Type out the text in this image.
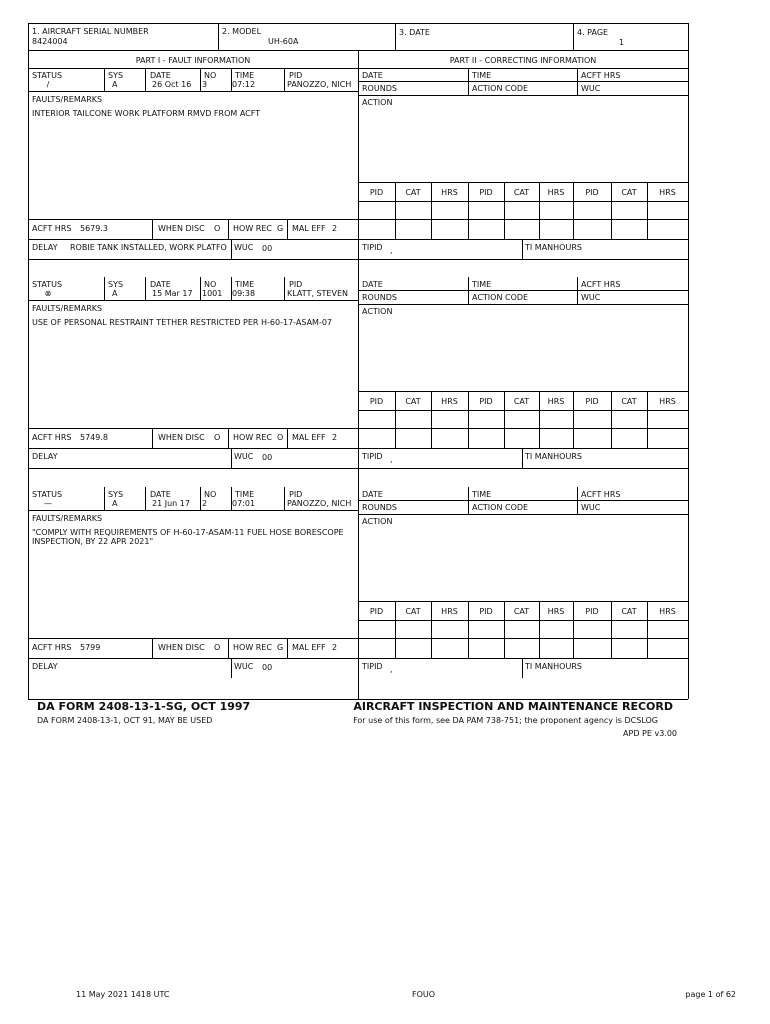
1. AIRCRAFT SERIAL NUMBER
8424004
2. MODEL
UH-60A
3. DATE	4. PAGE
1
PART I - FAULT INFORMATION	PART II - CORRECTING INFORMATION
STATUS
/
SYS
A
DATE
26 Oct 16
NO
3
TIME
07:12
PID
PANOZZO, NICH
FAULTS/REMARKS
INTERIOR TAILCONE WORK PLATFORM RMVD FROM ACFT
ACFT HRS 5679.3	WHEN DISC O HOW REC G MAL EFF 2
DELAY ROBIE TANK INSTALLED, WORK PLATFO WUC 00
DATE	TIME	ACFT HRS
ROUNDS	ACTION CODE	WUC
ACTION
PID	CAT	HRS	PID	CAT	HRS	PID	CAT	HRS
TIPID ,	TI MANHOURS
STATUS
⊗
SYS
A
DATE
15 Mar 17
NO
1001
TIME
09:38
PID
KLATT, STEVEN
FAULTS/REMARKS
USE OF PERSONAL RESTRAINT TETHER RESTRICTED PER H-60-17-ASAM-07
ACFT HRS 5749.8	WHEN DISC O HOW REC O MAL EFF 2
DELAY	WUC 00
DATE	TIME	ACFT HRS
ROUNDS	ACTION CODE	WUC
ACTION
PID	CAT	HRS	PID	CAT	HRS	PID	CAT	HRS
TIPID ,	TI MANHOURS
STATUS
—
SYS
A
DATE
21 Jun 17
NO
2
TIME
07:01
PID
PANOZZO, NICH
FAULTS/REMARKS
"COMPLY WITH REQUIREMENTS OF H-60-17-ASAM-11 FUEL HOSE BORESCOPE INSPECTION, BY 22 APR 2021"
ACFT HRS 5799	WHEN DISC O HOW REC G MAL EFF 2
DELAY	WUC 00
DATE	TIME	ACFT HRS
ROUNDS	ACTION CODE	WUC
ACTION
PID	CAT	HRS	PID	CAT	HRS	PID	CAT	HRS
TIPID ,	TI MANHOURS
DA FORM 2408-13-1-SG, OCT 1997
DA FORM 2408-13-1, OCT 91, MAY BE USED
AIRCRAFT INSPECTION AND MAINTENANCE RECORD
For use of this form, see DA PAM 738-751; the proponent agency is DCSLOG
APD PE v3.00
11 May 2021 1418 UTC	FOUO	page 1 of 62
